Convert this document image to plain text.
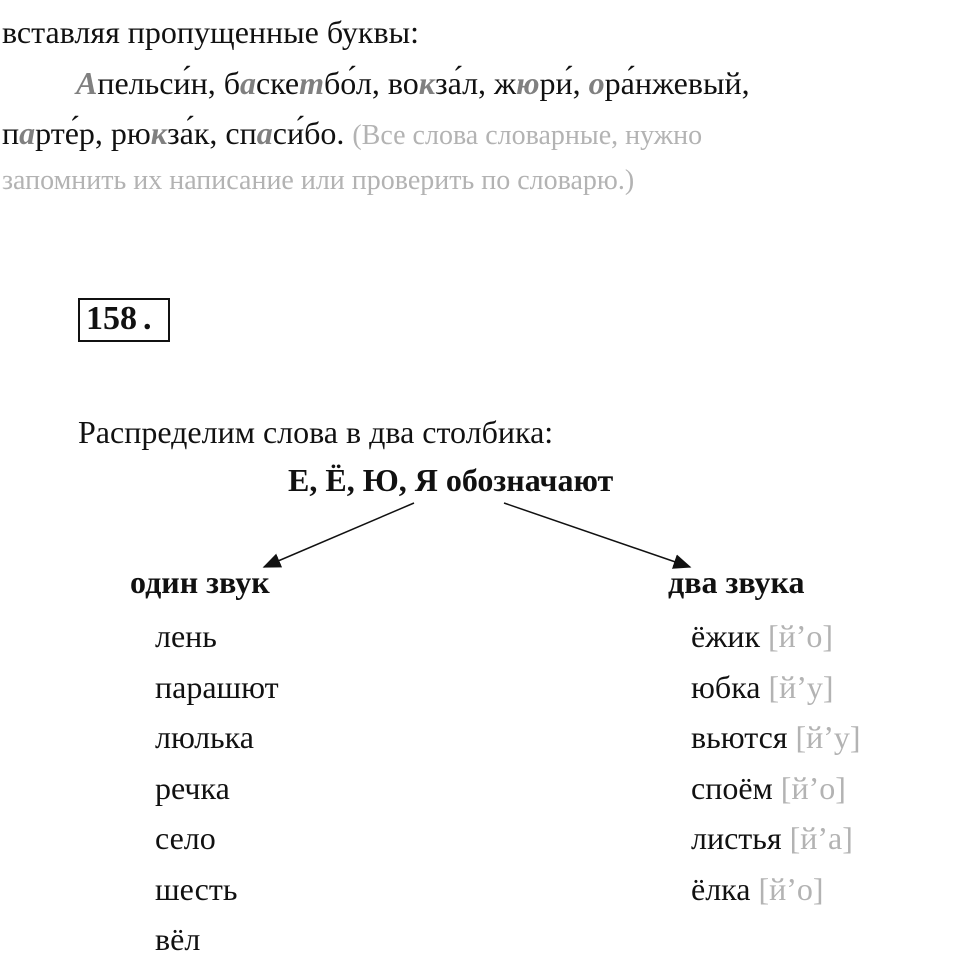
вставляя пропущенные буквы:
Апельси́н, баскетбо́л, вокза́л, жюри́, ора́нжевый,
парте́р, рюкза́к, спаси́бо. (Все слова словарные, нужно
запомнить их написание или проверить по словарю.)
158 .
Распределим слова в два столбика:
Е, Ё, Ю, Я обозначают
один звук	два звука
лень
парашют
люлька
речка
село
шесть
вёл
ёжик [й’о]
юбка [й’у]
вьются [й’у]
споём [й’о]
листья [й’а]
ёлка [й’о]
